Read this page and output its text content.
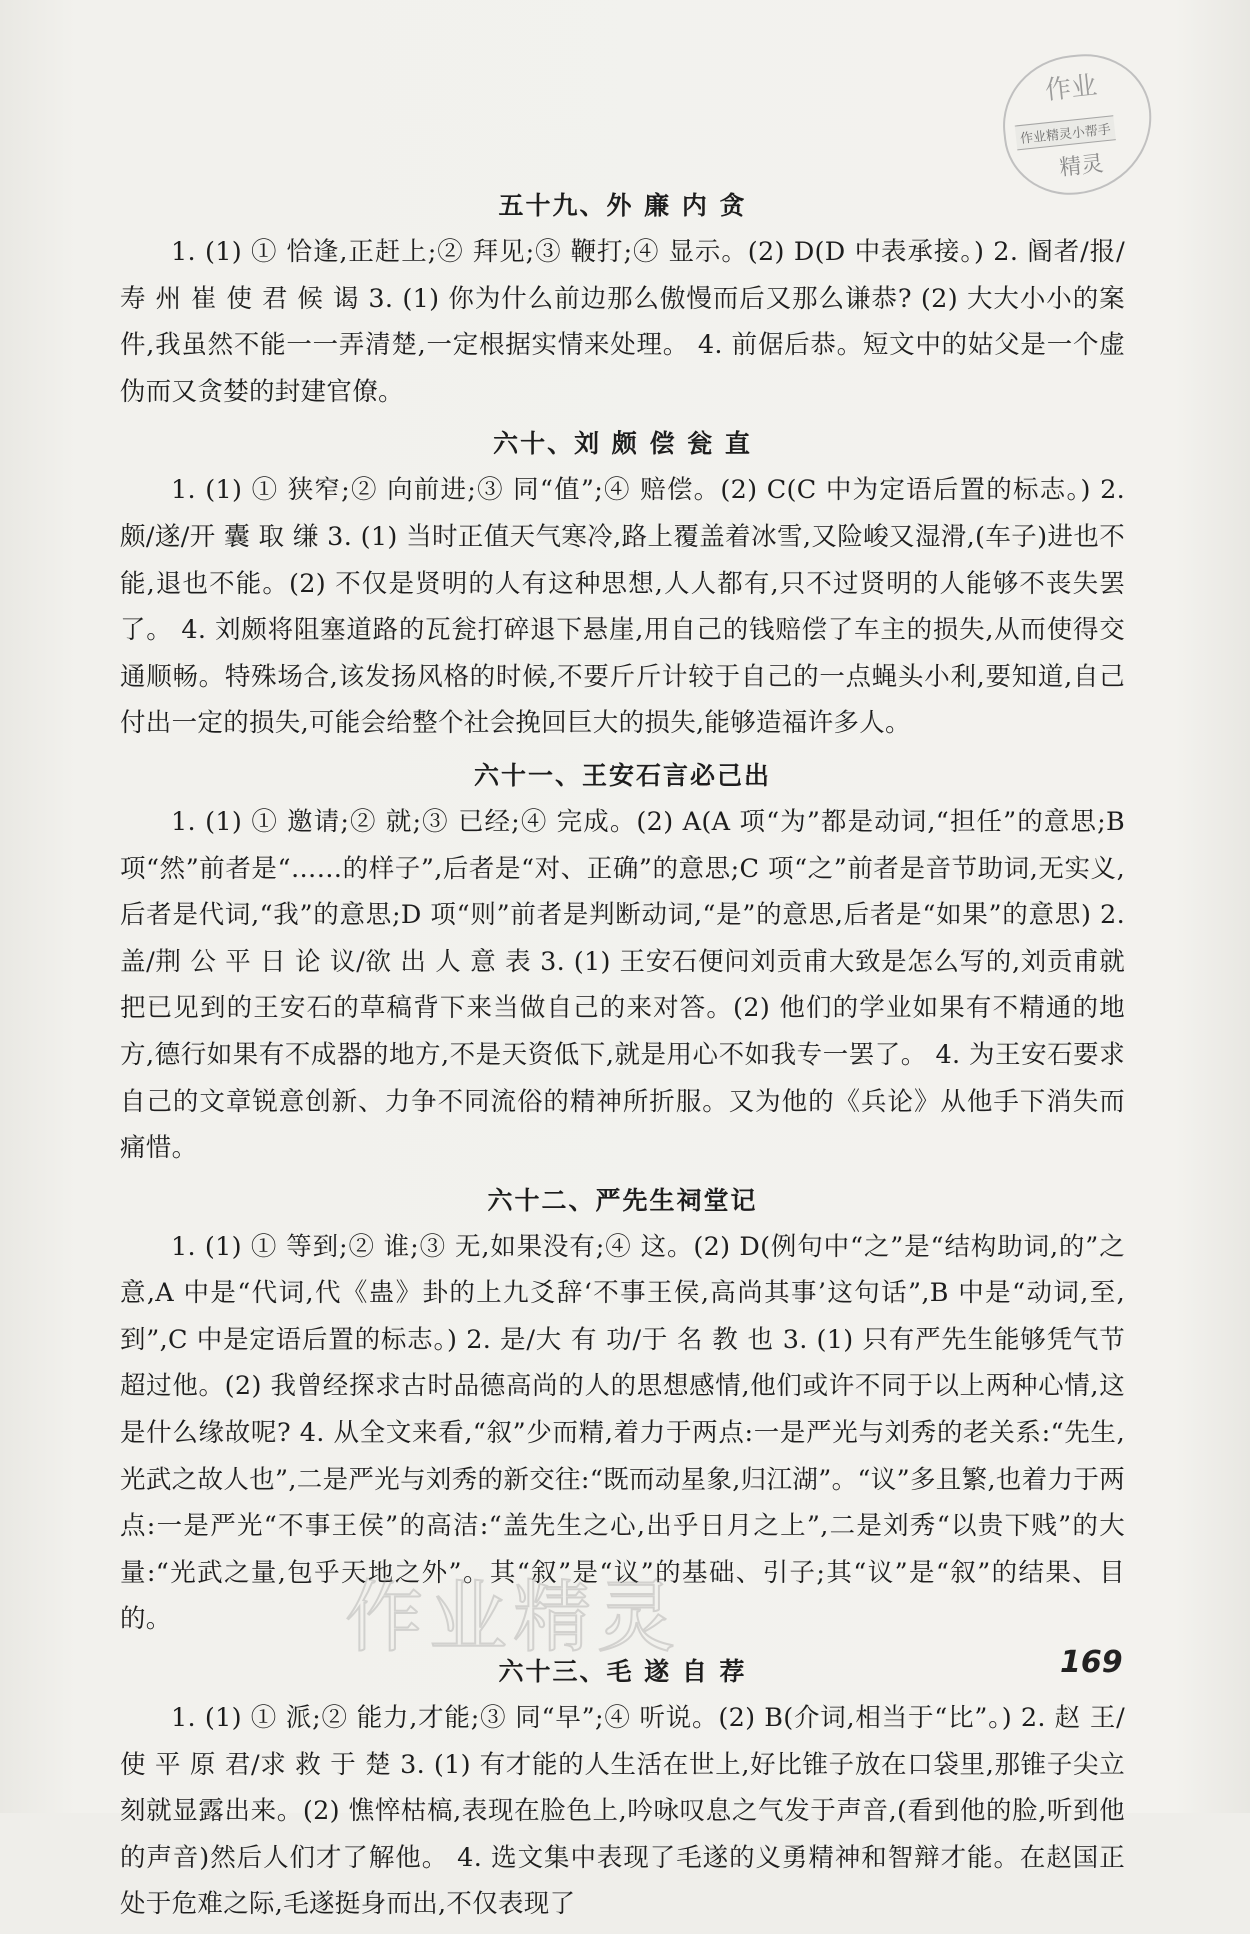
作业
作业精灵小帮手
精灵
五十九、外 廉 内 贪

1. (1) ① 恰逢,正赶上;② 拜见;③ 鞭打;④ 显示。(2) D(D 中表承接。) 2. 阍者/报/寿 州 崔 使 君 候 谒 3. (1) 你为什么前边那么傲慢而后又那么谦恭? (2) 大大小小的案件,我虽然不能一一弄清楚,一定根据实情来处理。 4. 前倨后恭。短文中的姑父是一个虚伪而又贪婪的封建官僚。

六十、刘 颇 偿 瓮 直

1. (1) ① 狭窄;② 向前进;③ 同“值”;④ 赔偿。(2) C(C 中为定语后置的标志。) 2. 颇/遂/开 囊 取 缣 3. (1) 当时正值天气寒冷,路上覆盖着冰雪,又险峻又湿滑,(车子)进也不能,退也不能。(2) 不仅是贤明的人有这种思想,人人都有,只不过贤明的人能够不丧失罢了。 4. 刘颇将阻塞道路的瓦瓮打碎退下悬崖,用自己的钱赔偿了车主的损失,从而使得交通顺畅。特殊场合,该发扬风格的时候,不要斤斤计较于自己的一点蝇头小利,要知道,自己付出一定的损失,可能会给整个社会挽回巨大的损失,能够造福许多人。

六十一、王安石言必己出

1. (1) ① 邀请;② 就;③ 已经;④ 完成。(2) A(A 项“为”都是动词,“担任”的意思;B 项“然”前者是“……的样子”,后者是“对、正确”的意思;C 项“之”前者是音节助词,无实义,后者是代词,“我”的意思;D 项“则”前者是判断动词,“是”的意思,后者是“如果”的意思) 2. 盖/荆 公 平 日 论 议/欲 出 人 意 表 3. (1) 王安石便问刘贡甫大致是怎么写的,刘贡甫就把已见到的王安石的草稿背下来当做自己的来对答。(2) 他们的学业如果有不精通的地方,德行如果有不成器的地方,不是天资低下,就是用心不如我专一罢了。 4. 为王安石要求自己的文章锐意创新、力争不同流俗的精神所折服。又为他的《兵论》从他手下消失而痛惜。

六十二、严先生祠堂记

1. (1) ① 等到;② 谁;③ 无,如果没有;④ 这。(2) D(例句中“之”是“结构助词,的”之意,A 中是“代词,代《蛊》卦的上九爻辞‘不事王侯,高尚其事’这句话”,B 中是“动词,至,到”,C 中是定语后置的标志。) 2. 是/大 有 功/于 名 教 也 3. (1) 只有严先生能够凭气节超过他。(2) 我曾经探求古时品德高尚的人的思想感情,他们或许不同于以上两种心情,这是什么缘故呢? 4. 从全文来看,“叙”少而精,着力于两点:一是严光与刘秀的老关系:“先生,光武之故人也”,二是严光与刘秀的新交往:“既而动星象,归江湖”。“议”多且繁,也着力于两点:一是严光“不事王侯”的高洁:“盖先生之心,出乎日月之上”,二是刘秀“以贵下贱”的大量:“光武之量,包乎天地之外”。其“叙”是“议”的基础、引子;其“议”是“叙”的结果、目的。

六十三、毛 遂 自 荐

1. (1) ① 派;② 能力,才能;③ 同“早”;④ 听说。(2) B(介词,相当于“比”。) 2. 赵 王/使 平 原 君/求 救 于 楚 3. (1) 有才能的人生活在世上,好比锥子放在口袋里,那锥子尖立刻就显露出来。(2) 憔悴枯槁,表现在脸色上,吟咏叹息之气发于声音,(看到他的脸,听到他的声音)然后人们才了解他。 4. 选文集中表现了毛遂的义勇精神和智辩才能。在赵国正处于危难之际,毛遂挺身而出,不仅表现了

作业精灵	169
